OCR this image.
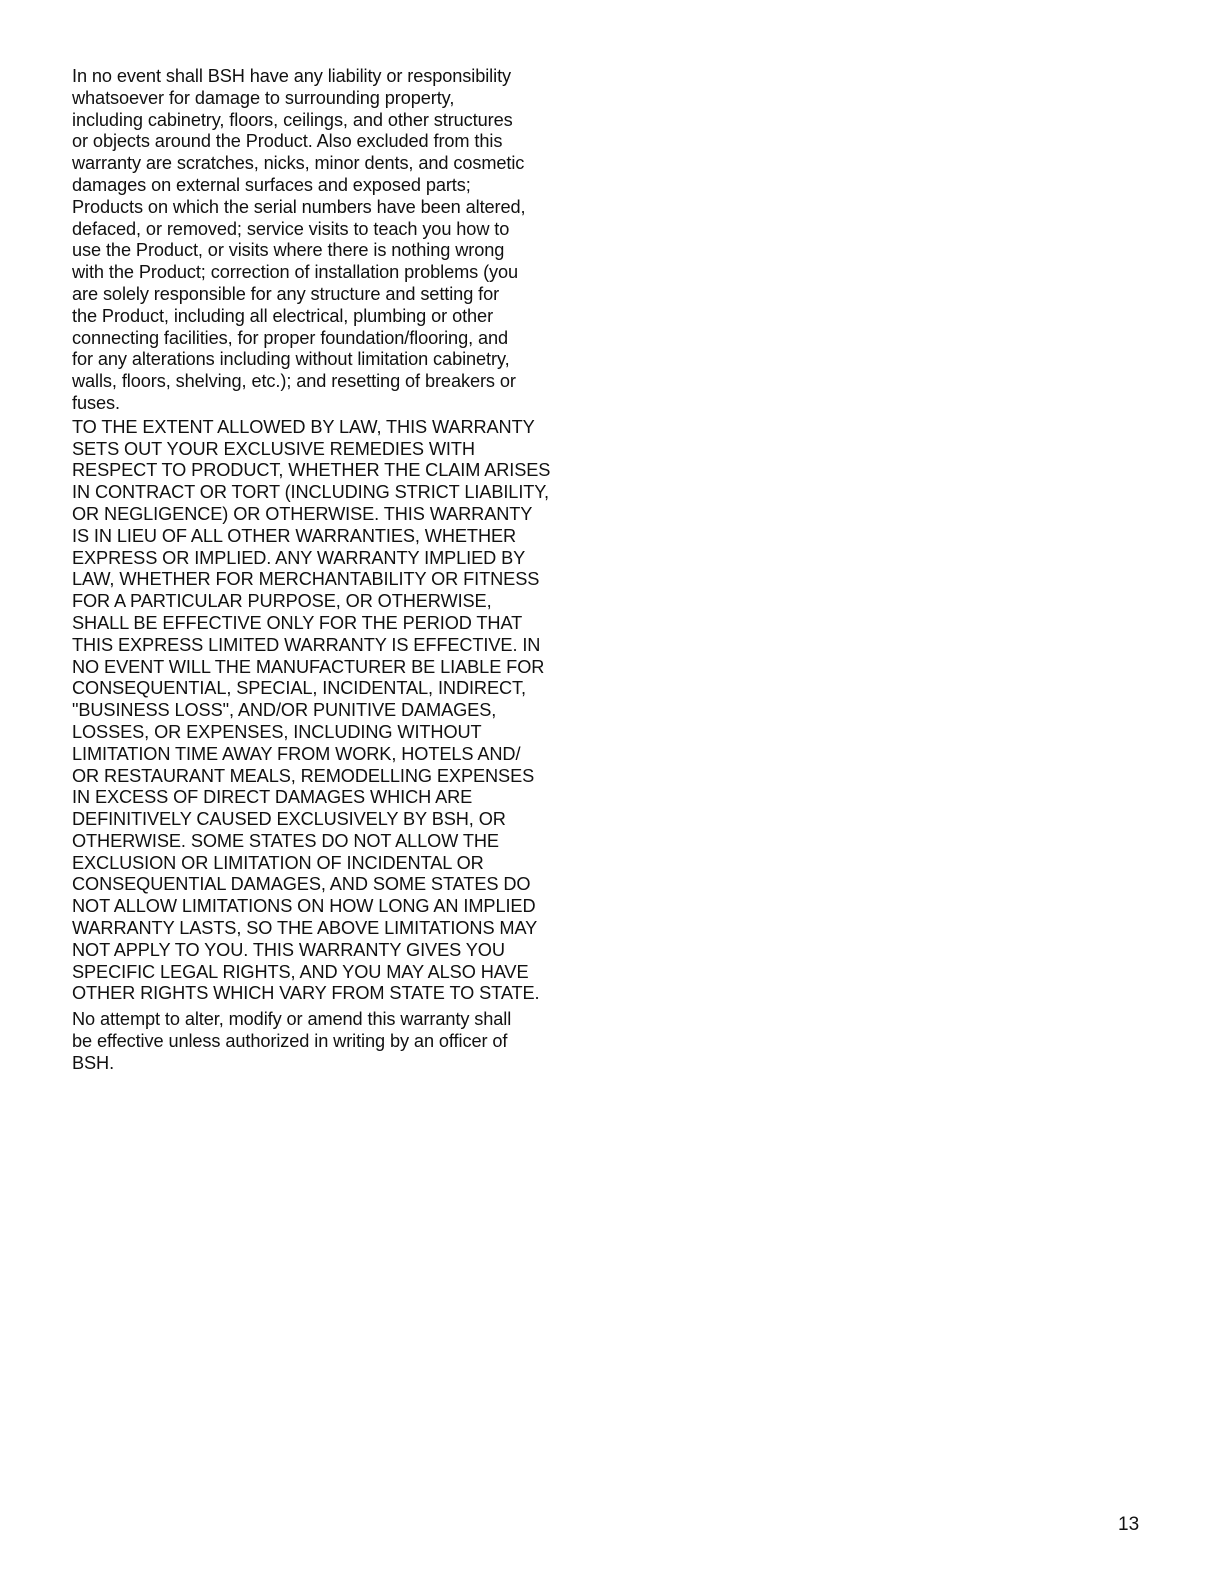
In no event shall BSH have any liability or responsibility
whatsoever for damage to surrounding property,
including cabinetry, floors, ceilings, and other structures
or objects around the Product. Also excluded from this
warranty are scratches, nicks, minor dents, and cosmetic
damages on external surfaces and exposed parts;
Products on which the serial numbers have been altered,
defaced, or removed; service visits to teach you how to
use the Product, or visits where there is nothing wrong
with the Product; correction of installation problems (you
are solely responsible for any structure and setting for
the Product, including all electrical, plumbing or other
connecting facilities, for proper foundation/flooring, and
for any alterations including without limitation cabinetry,
walls, floors, shelving, etc.); and resetting of breakers or
fuses.

TO THE EXTENT ALLOWED BY LAW, THIS WARRANTY
SETS OUT YOUR EXCLUSIVE REMEDIES WITH
RESPECT TO PRODUCT, WHETHER THE CLAIM ARISES
IN CONTRACT OR TORT (INCLUDING STRICT LIABILITY,
OR NEGLIGENCE) OR OTHERWISE. THIS WARRANTY
IS IN LIEU OF ALL OTHER WARRANTIES, WHETHER
EXPRESS OR IMPLIED. ANY WARRANTY IMPLIED BY
LAW, WHETHER FOR MERCHANTABILITY OR FITNESS
FOR A PARTICULAR PURPOSE, OR OTHERWISE,
SHALL BE EFFECTIVE ONLY FOR THE PERIOD THAT
THIS EXPRESS LIMITED WARRANTY IS EFFECTIVE. IN
NO EVENT WILL THE MANUFACTURER BE LIABLE FOR
CONSEQUENTIAL, SPECIAL, INCIDENTAL, INDIRECT,
"BUSINESS LOSS", AND/OR PUNITIVE DAMAGES,
LOSSES, OR EXPENSES, INCLUDING WITHOUT
LIMITATION TIME AWAY FROM WORK, HOTELS AND/
OR RESTAURANT MEALS, REMODELLING EXPENSES
IN EXCESS OF DIRECT DAMAGES WHICH ARE
DEFINITIVELY CAUSED EXCLUSIVELY BY BSH, OR
OTHERWISE. SOME STATES DO NOT ALLOW THE
EXCLUSION OR LIMITATION OF INCIDENTAL OR
CONSEQUENTIAL DAMAGES, AND SOME STATES DO
NOT ALLOW LIMITATIONS ON HOW LONG AN IMPLIED
WARRANTY LASTS, SO THE ABOVE LIMITATIONS MAY
NOT APPLY TO YOU. THIS WARRANTY GIVES YOU
SPECIFIC LEGAL RIGHTS, AND YOU MAY ALSO HAVE
OTHER RIGHTS WHICH VARY FROM STATE TO STATE.

No attempt to alter, modify or amend this warranty shall
be effective unless authorized in writing by an officer of
BSH.

13
